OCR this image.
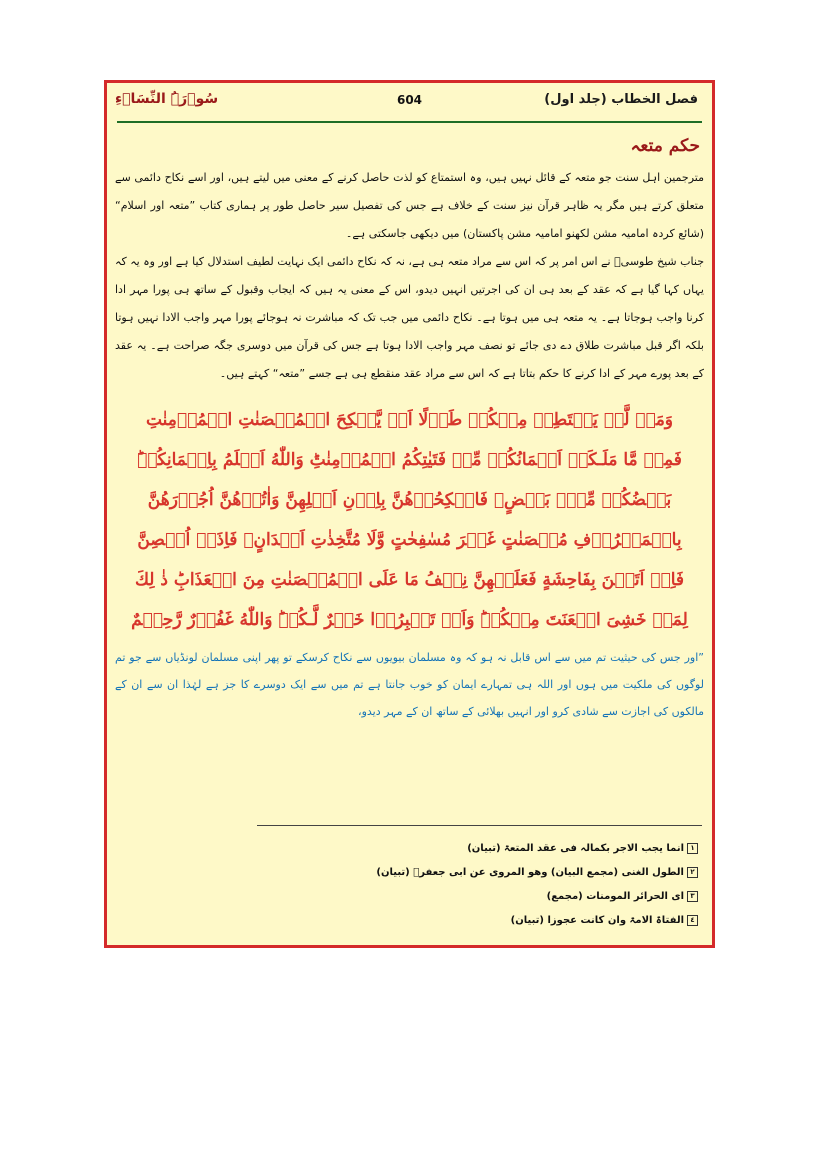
فصل الخطاب (جلد اول)
604
سُوۡرَۃُ النِّسَاۗءِ
حکم متعہ

مترجمین اہل سنت جو متعہ کے قائل نہیں ہیں، وہ استمتاع کو لذت حاصل کرنے کے معنی میں لیتے ہیں، اور اسے نکاح دائمی سے متعلق کرتے ہیں مگر یہ ظاہر قرآن نیز سنت کے خلاف ہے جس کی تفصیل سیر حاصل طور پر ہماری کتاب ”متعہ اور اسلام“ (شائع کردہ امامیہ مشن لکھنو امامیہ مشن پاکستان) میں دیکھی جاسکتی ہے۔

جناب شیخ طوسیؒ نے اس امر پر کہ اس سے مراد متعہ ہی ہے، نہ کہ نکاح دائمی ایک نہایت لطیف استدلال کیا ہے اور وہ یہ کہ یہاں کہا گیا ہے کہ عقد کے بعد ہی ان کی اجرتیں انہیں دیدو، اس کے معنی یہ ہیں کہ ایجاب وقبول کے ساتھ ہی پورا مہر ادا کرنا واجب ہوجاتا ہے۔ یہ متعہ ہی میں ہوتا ہے۔ نکاح دائمی میں جب تک کہ مباشرت نہ ہوجائے پورا مہر واجب الادا نہیں ہوتا بلکہ اگر قبل مباشرت طلاق دے دی جائے تو نصف مہر واجب الادا ہوتا ہے جس کی قرآن میں دوسری جگہ صراحت ہے۔ یہ عقد کے بعد پورے مہر کے ادا کرنے کا حکم بتاتا ہے کہ اس سے مراد عقد منقطع ہی ہے جسے ”متعہ“ کہتے ہیں۔

وَمَنۡ لَّمۡ يَسۡتَطِعۡ مِنۡكُمۡ طَوۡلًا اَنۡ يَّنۡكِحَ الۡمُحۡصَنٰتِ الۡمُؤۡمِنٰتِ فَمِنۡ مَّا مَلَـكَتۡ اَيۡمَانُكُمۡ مِّنۡ فَتَيٰتِكُمُ الۡمُؤۡمِنٰتِ‌ؕ وَاللّٰهُ اَعۡلَمُ بِاِيۡمَانِكُمۡ‌ؕ بَعۡضُكُمۡ مِّنۡۢ بَعۡضٍ‌ۚ فَانۡكِحُوۡهُنَّ بِاِذۡنِ اَهۡلِهِنَّ وَاٰتُوۡهُنَّ اُجُوۡرَهُنَّ بِالۡمَعۡرُوۡفِ مُحۡصَنٰتٍ غَيۡرَ مُسٰفِحٰتٍ وَّلَا مُتَّخِذٰتِ اَخۡدَانٍ‌ۚ فَاِذَاۤ اُحۡصِنَّ فَاِنۡ اَتَيۡنَ بِفَاحِشَةٍ فَعَلَيۡهِنَّ نِصۡفُ مَا عَلَى الۡمُحۡصَنٰتِ مِنَ الۡعَذَابِ‌ؕ ذٰ لِكَ لِمَنۡ خَشِىَ الۡعَنَتَ مِنۡكُمۡ‌ؕ وَاَنۡ تَصۡبِرُوۡا خَيۡرٌ لَّـكُمۡ‌ؕ وَاللّٰهُ غَفُوۡرٌ رَّحِيۡمٌ

”اور جس کی حیثیت تم میں سے اس قابل نہ ہو کہ وہ مسلمان بیویوں سے نکاح کرسکے تو پھر اپنی مسلمان لونڈیاں سے جو تم لوگوں کی ملکیت میں ہوں اور اللہ ہی تمہارے ایمان کو خوب جانتا ہے تم میں سے ایک دوسرے کا جز ہے لہٰذا ان سے ان کے مالکوں کی اجازت سے شادی کرو اور انہیں بھلائی کے ساتھ ان کے مہر دیدو،

١انما یجب الاجر بکمالہ فی عقد المتعۃ (تبیان)
٢الطول الغنی (مجمع البیان) وھو المروی عن ابی جعفرؑ (تبیان)
٣ای الحرائر المومنات (مجمع)
٤الفتاۃ الامۃ وان کانت عجوزا (تبیان)
